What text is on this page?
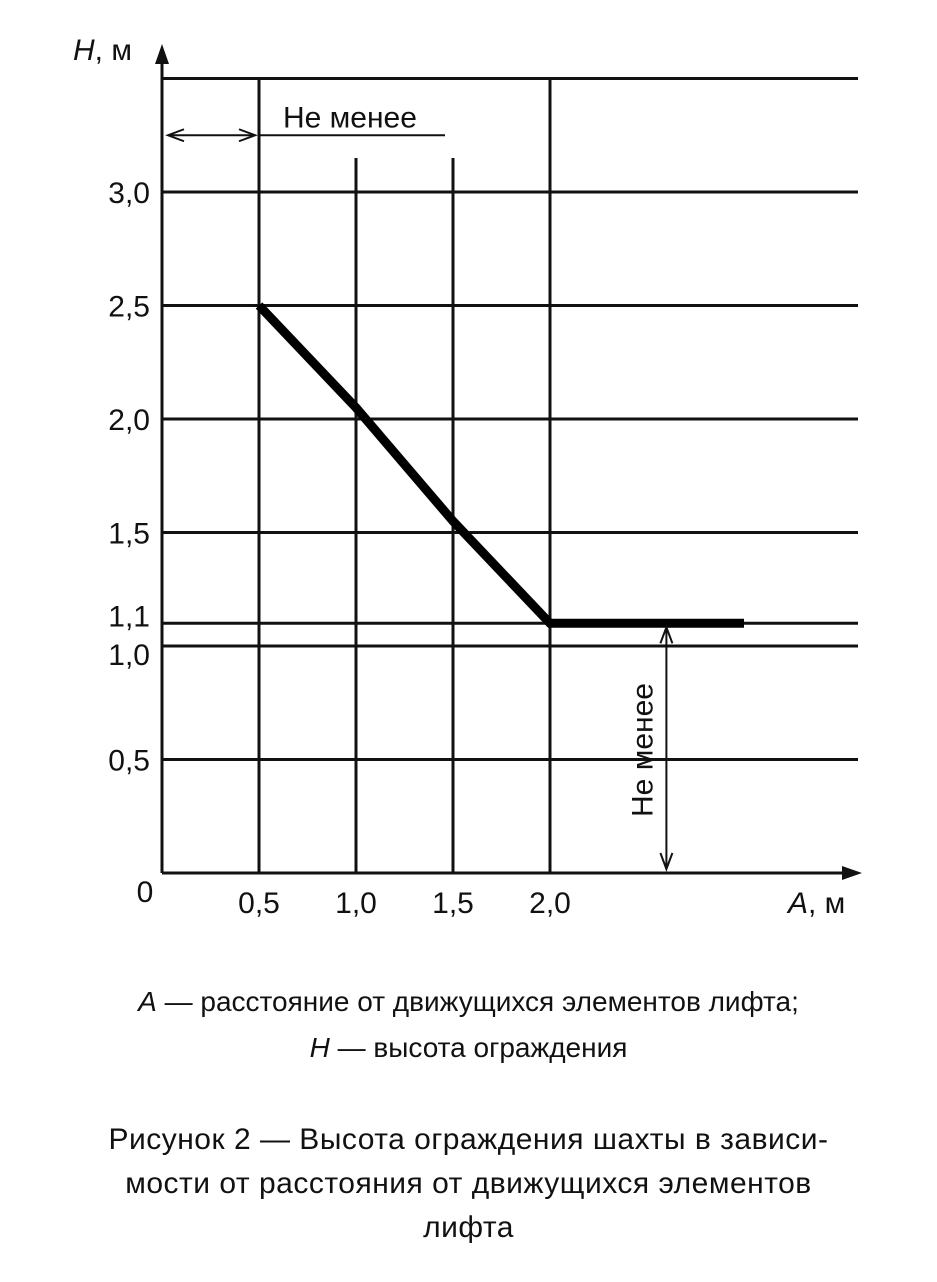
0,5
1,0
1,1
1,5
2,0
2,5
3,0
0,5 1,0 1,5 2,0
Не менее
Не менее
H, м
A, м
0
A — расстояние от движущихся элементов лифта;
H — высота ограждения
Рисунок 2 — Высота ограждения шахты в зависи-
мости от расстояния от движущихся элементов
лифта
